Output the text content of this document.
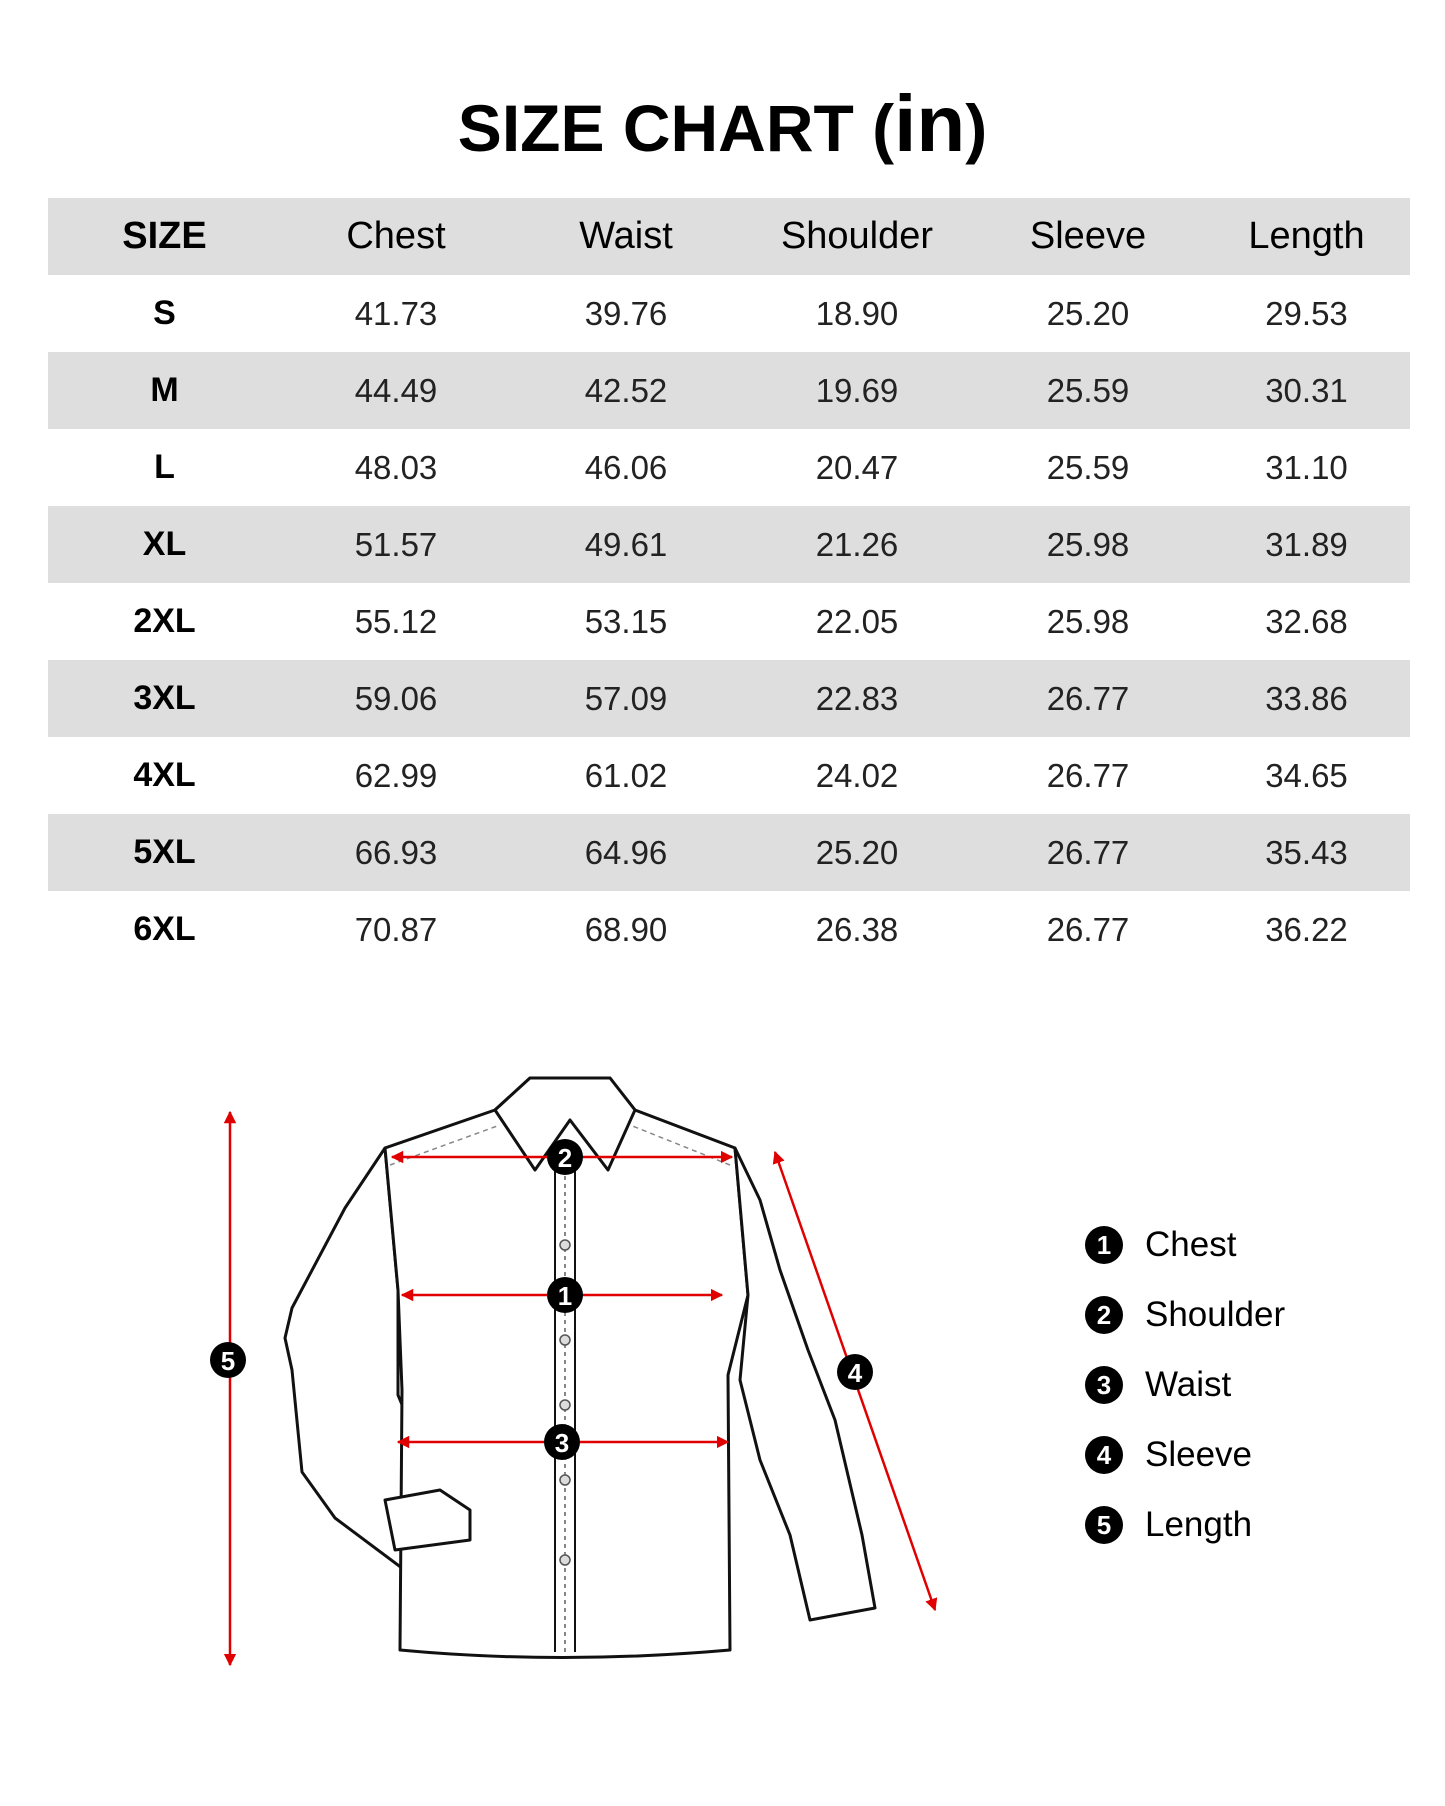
SIZE CHART (in)
SIZE	Chest	Waist	Shoulder	Sleeve	Length
S	41.73	39.76	18.90	25.20	29.53
M	44.49	42.52	19.69	25.59	30.31
L	48.03	46.06	20.47	25.59	31.10
XL	51.57	49.61	21.26	25.98	31.89
2XL	55.12	53.15	22.05	25.98	32.68
3XL	59.06	57.09	22.83	26.77	33.86
4XL	62.99	61.02	24.02	26.77	34.65
5XL	66.93	64.96	25.20	26.77	35.43
6XL	70.87	68.90	26.38	26.77	36.22
2
1
3
4
5
1 Chest
2 Shoulder
3 Waist
4 Sleeve
5 Length
